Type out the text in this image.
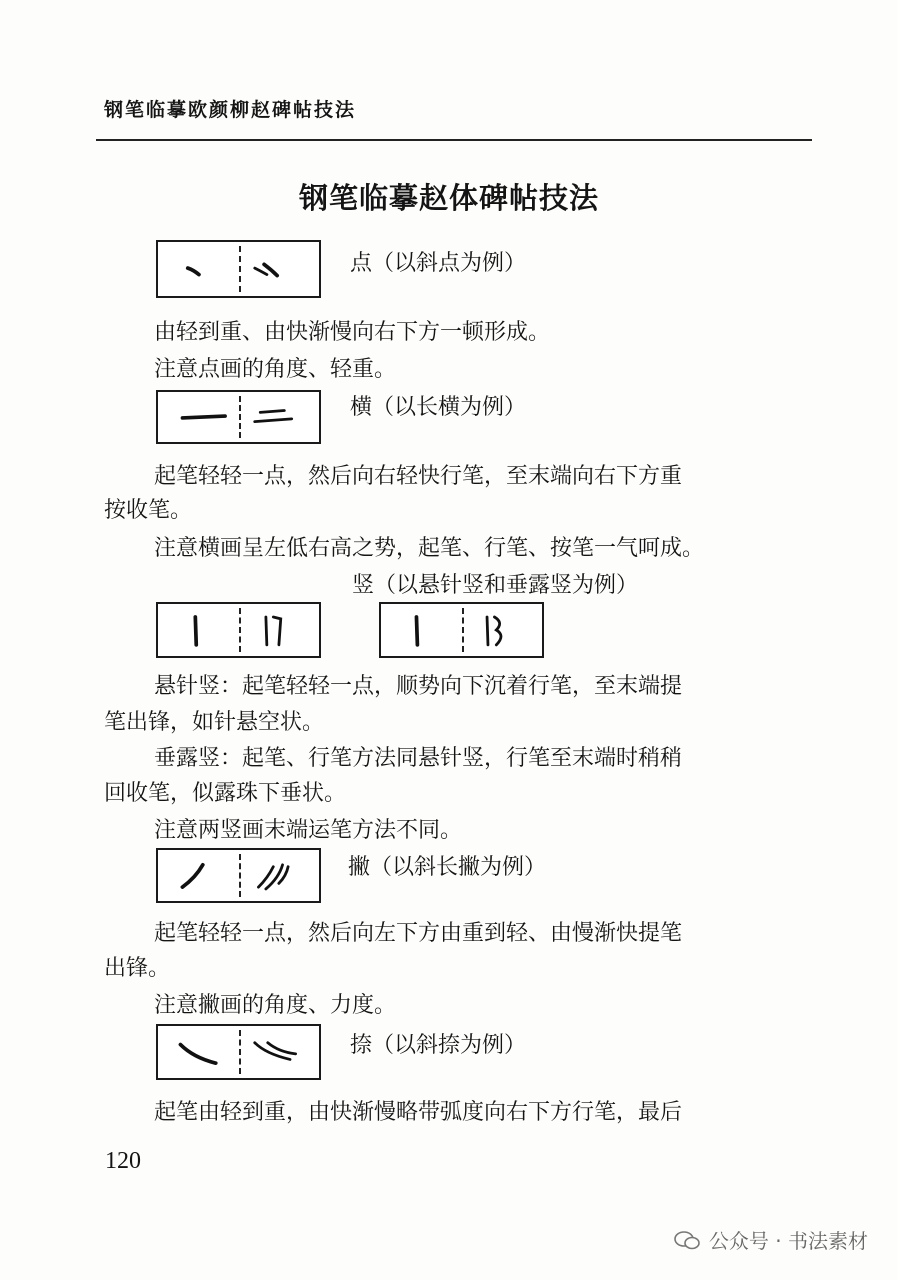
钢笔临摹欧颜柳赵碑帖技法
钢笔临摹赵体碑帖技法
点（以斜点为例）
由轻到重、由快渐慢向右下方一顿形成。
注意点画的角度、轻重。
横（以长横为例）
起笔轻轻一点，然后向右轻快行笔，至末端向右下方重
按收笔。
注意横画呈左低右高之势，起笔、行笔、按笔一气呵成。
竖（以悬针竖和垂露竖为例）
悬针竖：起笔轻轻一点，顺势向下沉着行笔，至末端提
笔出锋，如针悬空状。
垂露竖：起笔、行笔方法同悬针竖，行笔至末端时稍稍
回收笔，似露珠下垂状。
注意两竖画末端运笔方法不同。
撇（以斜长撇为例）
起笔轻轻一点，然后向左下方由重到轻、由慢渐快提笔
出锋。
注意撇画的角度、力度。
捺（以斜捺为例）
起笔由轻到重，由快渐慢略带弧度向右下方行笔，最后
120
公众号 · 书法素材
